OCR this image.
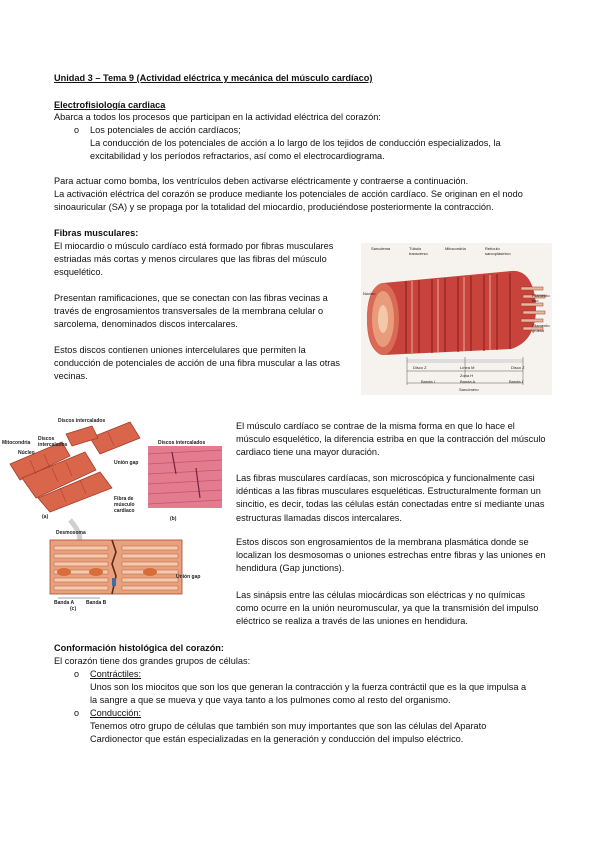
Unidad 3 – Tema 9 (Actividad eléctrica y mecánica del músculo cardíaco)
Electrofisiología cardiaca
Abarca a todos los procesos que participan en la actividad eléctrica del corazón:
o Los potenciales de acción cardíacos;
La conducción de los potenciales de acción a lo largo de los tejidos de conducción especializados, la
excitabilidad y los períodos refractarios, así como el electrocardiograma.
Para actuar como bomba, los ventrículos deben activarse eléctricamente y contraerse a continuación.
La activación eléctrica del corazón se produce mediante los potenciales de acción cardíaco. Se originan en el nodo
sinoauricular (SA) y se propaga por la totalidad del miocardio, produciéndose posteriormente la contracción.
Fibras musculares:
El miocardio o músculo cardíaco está formado por fibras musculares estriadas más cortas y menos circulares que las fibras del músculo esquelético.
Presentan ramificaciones, que se conectan con las fibras vecinas a través de engrosamientos transversales de la membrana celular o sarcolema, denominados discos intercalares.
Estos discos contienen uniones intercelulares que permiten la conducción de potenciales de acción de una fibra muscular a las otras vecinas.
Sarcolema	Túbulo transverso
Mitocondria	Retículo sarcoplásmico
Núcleo	Filamento fino
Filamento grueso
Disco Z	Línea M	Disco Z
Zona H
Banda I	Banda A	Banda I
Sarcómero
Discos intercalados
Mitocondria
Discos intercalados	Discos intercalados
Núcleo
Unión gap
Fibra de músculo cardíaco
(a)	(b)
Desmosoma
Unión gap
Banda A Banda B
(c)
El músculo cardíaco se contrae de la misma forma en que lo hace el músculo esquelético, la diferencia estriba en que la contracción del músculo cardiaco tiene una mayor duración.
Las fibras musculares cardíacas, son microscópica y funcionalmente casi idénticas a las fibras musculares esqueléticas. Estructuralmente forman un sincitio, es decir, todas las células están conectadas entre sí mediante unas estructuras llamadas discos intercalares.
Estos discos son engrosamientos de la membrana plasmática donde se localizan los desmosomas o uniones estrechas entre fibras y las uniones en hendidura (Gap junctions).
Las sinápsis entre las células miocárdicas son eléctricas y no químicas como ocurre en la unión neuromuscular, ya que la transmisión del impulso eléctrico se realiza a través de las uniones en hendidura.
Conformación histológica del corazón:
El corazón tiene dos grandes grupos de células:
o Contráctiles:
Unos son los miocitos que son los que generan la contracción y la fuerza contráctil que es la que impulsa a
la sangre a que se mueva y que vaya tanto a los pulmones como al resto del organismo.
o Conducción:
Tenemos otro grupo de células que también son muy importantes que son las células del Aparato
Cardionector que están especializadas en la generación y conducción del impulso eléctrico.
